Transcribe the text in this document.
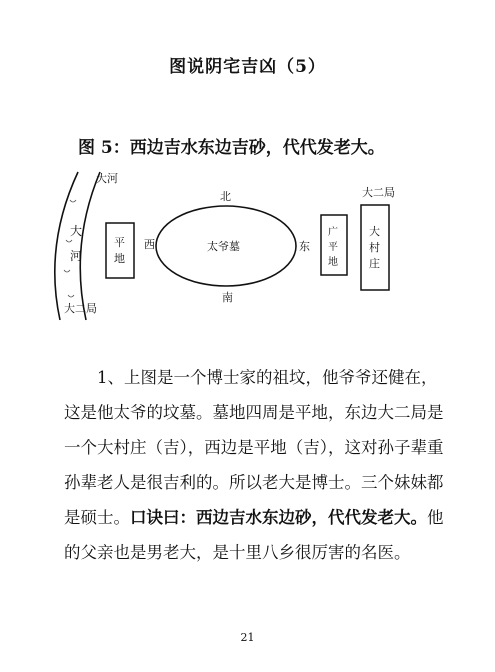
图说阴宅吉凶（5）
图 5：西边吉水东边吉砂，代代发老大。
大河
大
河
大二局
平
地
西
北
太爷墓	东
南
广
平
地
大二局
大
村
庄

1、上图是一个博士家的祖坟，他爷爷还健在，这是他太爷的坟墓。墓地四周是平地，东边大二局是一个大村庄（吉），西边是平地（吉），这对孙子辈重孙辈老人是很吉利的。所以老大是博士。三个妹妹都是硕士。口诀曰：西边吉水东边砂，代代发老大。他的父亲也是男老大，是十里八乡很厉害的名医。

21
